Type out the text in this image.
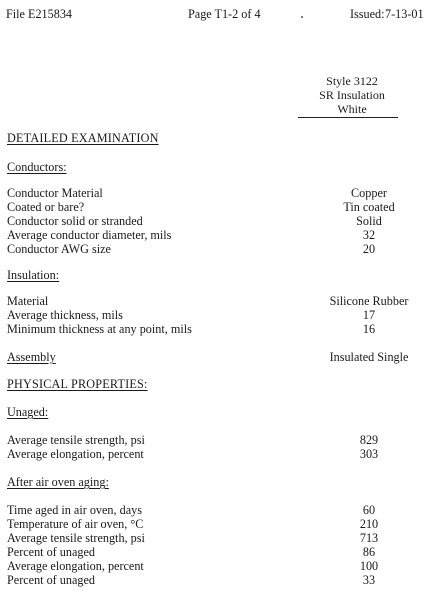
File E215834	Page T1-2 of 4	Issued: 7-13-01
Style 3122
SR Insulation
White
DETAILED EXAMINATION
Conductors:
Conductor Material	Copper
Coated or bare?	Tin coated
Conductor solid or stranded	Solid
Average conductor diameter, mils	32
Conductor AWG size	20
Insulation:
Material	Silicone Rubber
Average thickness, mils	17
Minimum thickness at any point, mils	16
Assembly	Insulated Single
PHYSICAL PROPERTIES:
Unaged:
Average tensile strength, psi	829
Average elongation, percent	303
After air oven aging:
Time aged in air oven, days	60
Temperature of air oven, °C	210
Average tensile strength, psi	713
Percent of unaged	86
Average elongation, percent	100
Percent of unaged	33
